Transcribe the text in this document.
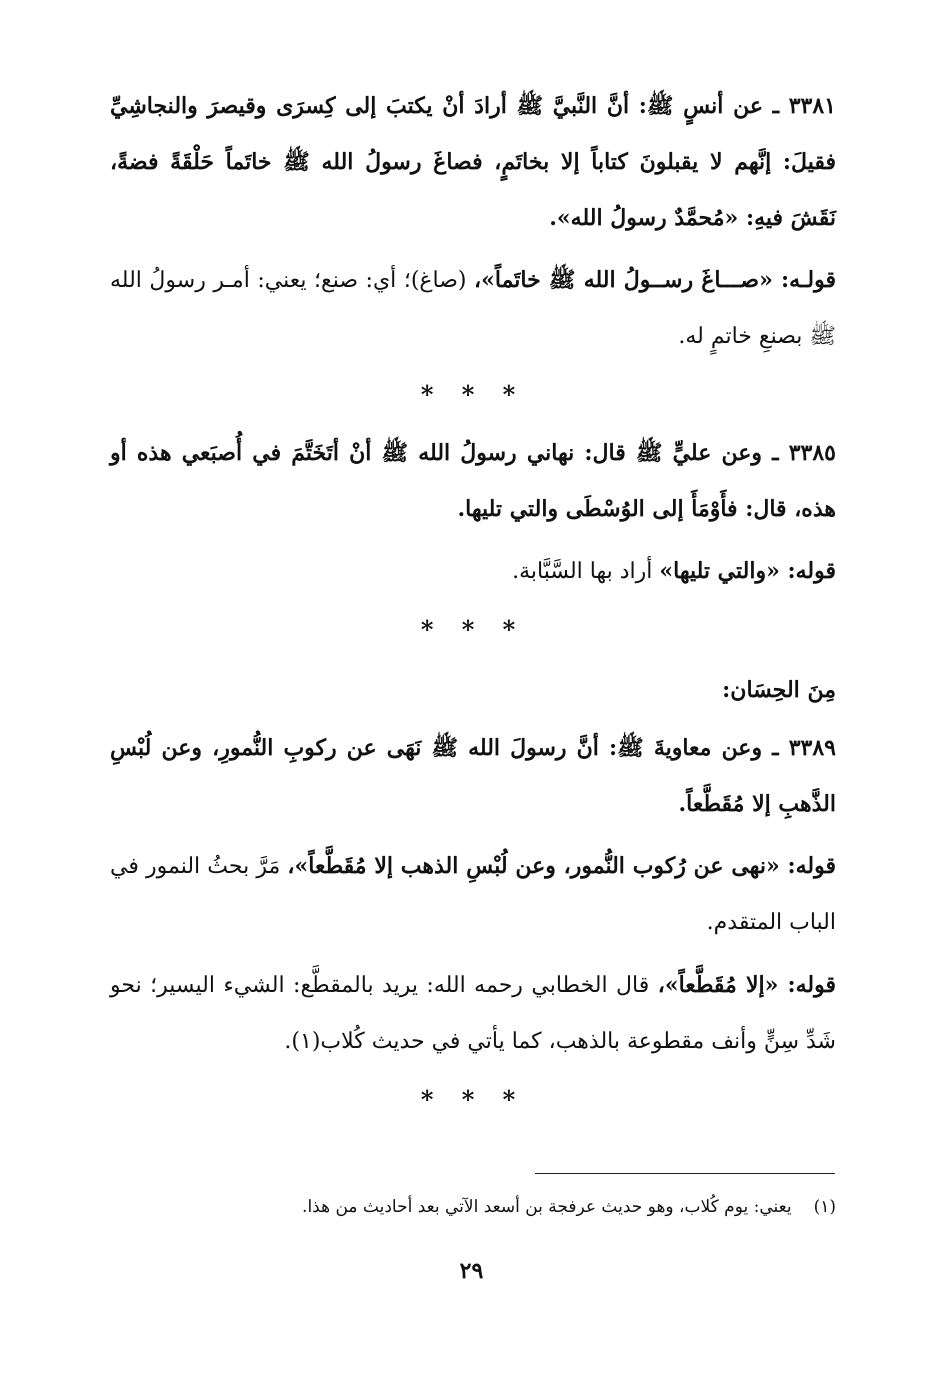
٣٣٨١ ـ عن أنسٍ ﷺ: أنَّ النَّبيَّ ﷺ أرادَ أنْ يكتبَ إلى كِسرَى وقيصرَ والنجاشِيِّ فقيلَ: إنَّهم لا يقبلونَ كتاباً إلا بخاتَمٍ، فصاغَ رسولُ الله ﷺ خاتَماً حَلْقَةً فضةً، نَقَشَ فيهِ: «مُحمَّدٌ رسولُ الله».

قولـه: «صـــاغَ رســولُ الله ﷺ خاتَماً»، (صاغ)؛ أي: صنع؛ يعني: أمـر رسولُ الله ﷺ بصنعِ خاتمٍ له.

* * *

٣٣٨٥ ـ وعن عليٍّ ﷺ قال: نهاني رسولُ الله ﷺ أنْ أتَخَتَّمَ في أُصبَعي هذه أو هذه، قال: فأَوْمَأَ إلى الوُسْطَى والتي تليها.

قوله: «والتي تليها» أراد بها السَّبَّابة.

* * *

مِنَ الحِسَان:

٣٣٨٩ ـ وعن معاويةَ ﷺ: أنَّ رسولَ الله ﷺ نَهَى عن ركوبِ النُّمورِ، وعن لُبْسِ الذَّهبِ إلا مُقَطَّعاً.

قوله: «نهى عن رُكوب النُّمور، وعن لُبْسِ الذهب إلا مُقَطَّعاً»، مَرَّ بحثُ النمور في الباب المتقدم.

قوله: «إلا مُقَطَّعاً»، قال الخطابي رحمه الله: يريد بالمقطَّع: الشيء اليسير؛ نحو شَدِّ سِنٍّ وأنف مقطوعة بالذهب، كما يأتي في حديث كُلاب(١).

* * *
(١)يعني: يوم كُلاب، وهو حديث عرفجة بن أسعد الآتي بعد أحاديث من هذا.
٢٩
